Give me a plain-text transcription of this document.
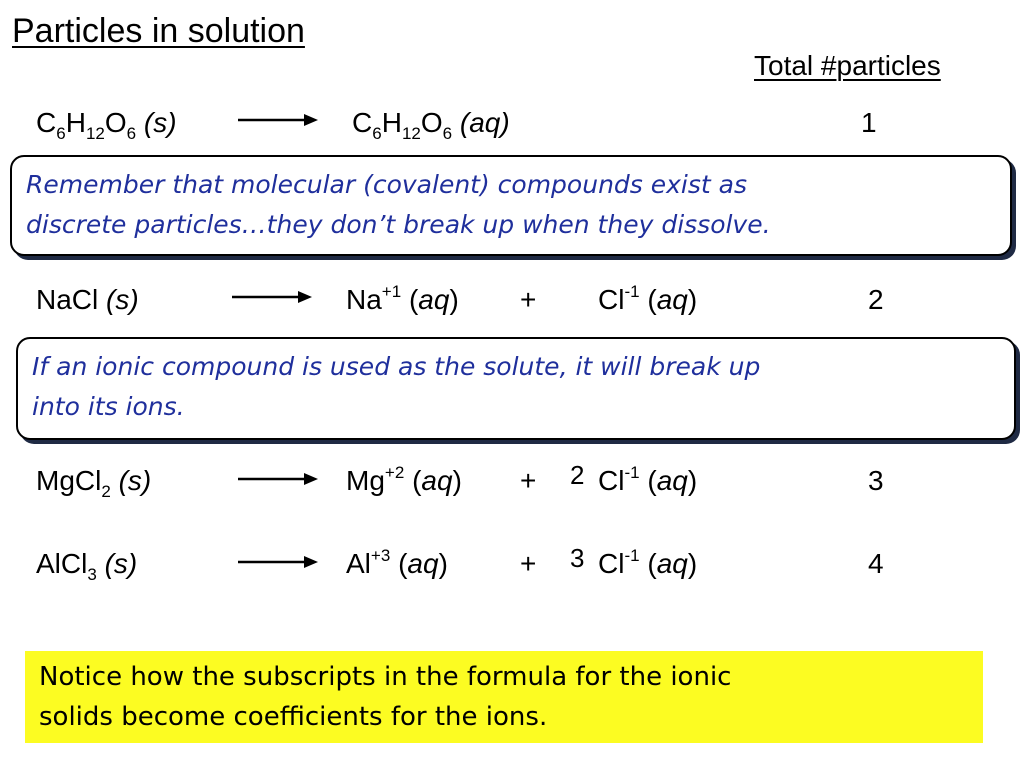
Particles in solution
Total #particles
$C_6H_{12}O_6$ (s)	$C_6H_{12}O_6$ (aq)	1
Remember that molecular (covalent) compounds exist as
discrete particles…they don’t break up when they dissolve.
NaCl (s)	$Na^{+1}$ $(aq) + Cl^{-1}$ (aq)	2
If an ionic compound is used as the solute, it will break up
into its ions.
MgCl$_2$ (s)	$Mg^{+2}$ (aq) + 2 $Cl^{-1}$ (aq)	3
AlCl$_3$ (s)	$Al^{+3}$ (aq)	+ 3 $Cl^{-1}$ (aq)	4
Notice how the subscripts in the formula for the ionic
solids become coefficients for the ions.
